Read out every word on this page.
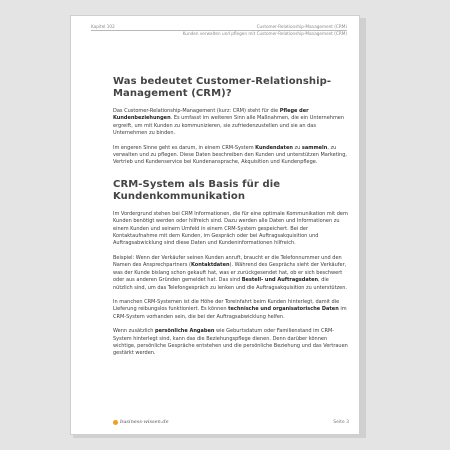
Kapitel 102	Customer-Relationship-Management (CRM)
Kunden verwalten und pflegen mit Customer-Relationship-Management (CRM)
Was bedeutet Customer-Relationship-Management (CRM)?

Das Customer-Relationship-Management (kurz: CRM) steht für die Pflege der Kundenbeziehungen. Es umfasst im weiteren Sinn alle Maßnahmen, die ein Unternehmen ergreift, um mit Kunden zu kommunizieren, sie zufriedenzustellen und sie an das Unternehmen zu binden.

Im engeren Sinne geht es darum, in einem CRM-System Kundendaten zu sammeln, zu verwalten und zu pflegen. Diese Daten beschreiben den Kunden und unterstützen Marketing, Vertrieb und Kundenservice bei Kundenansprache, Akquisition und Kundenpflege.

CRM-System als Basis für die Kundenkommunikation

Im Vordergrund stehen bei CRM Informationen, die für eine optimale Kommunikation mit dem Kunden benötigt werden oder hilfreich sind. Dazu werden alle Daten und Informationen zu einem Kunden und seinem Umfeld in einem CRM-System gespeichert. Bei der Kontaktaufnahme mit dem Kunden, im Gespräch oder bei Auftragsakquisition und Auftragsabwicklung sind diese Daten und Kundeninformationen hilfreich.

Beispiel: Wenn der Verkäufer seinen Kunden anruft, braucht er die Telefonnummer und den Namen des Ansprechpartners (Kontaktdaten). Während des Gesprächs sieht der Verkäufer, was der Kunde bislang schon gekauft hat, was er zurückgesendet hat, ob er sich beschwert oder aus anderen Gründen gemeldet hat. Das sind Bestell- und Auftragsdaten, die nützlich sind, um das Telefongespräch zu lenken und die Auftragsakquisition zu unterstützen.

In manchen CRM-Systemen ist die Höhe der Toreinfahrt beim Kunden hinterlegt, damit die Lieferung reibungslos funktioniert. Es können technische und organisatorische Daten im CRM-System vorhanden sein, die bei der Auftragsabwicklung helfen.

Wenn zusätzlich persönliche Angaben wie Geburtsdatum oder Familienstand im CRM-System hinterlegt sind, kann das die Beziehungspflege dienen. Denn darüber können wichtige, persönliche Gespräche entstehen und die persönliche Beziehung und das Vertrauen gestärkt werden.

business-wissen.de	Seite 3
